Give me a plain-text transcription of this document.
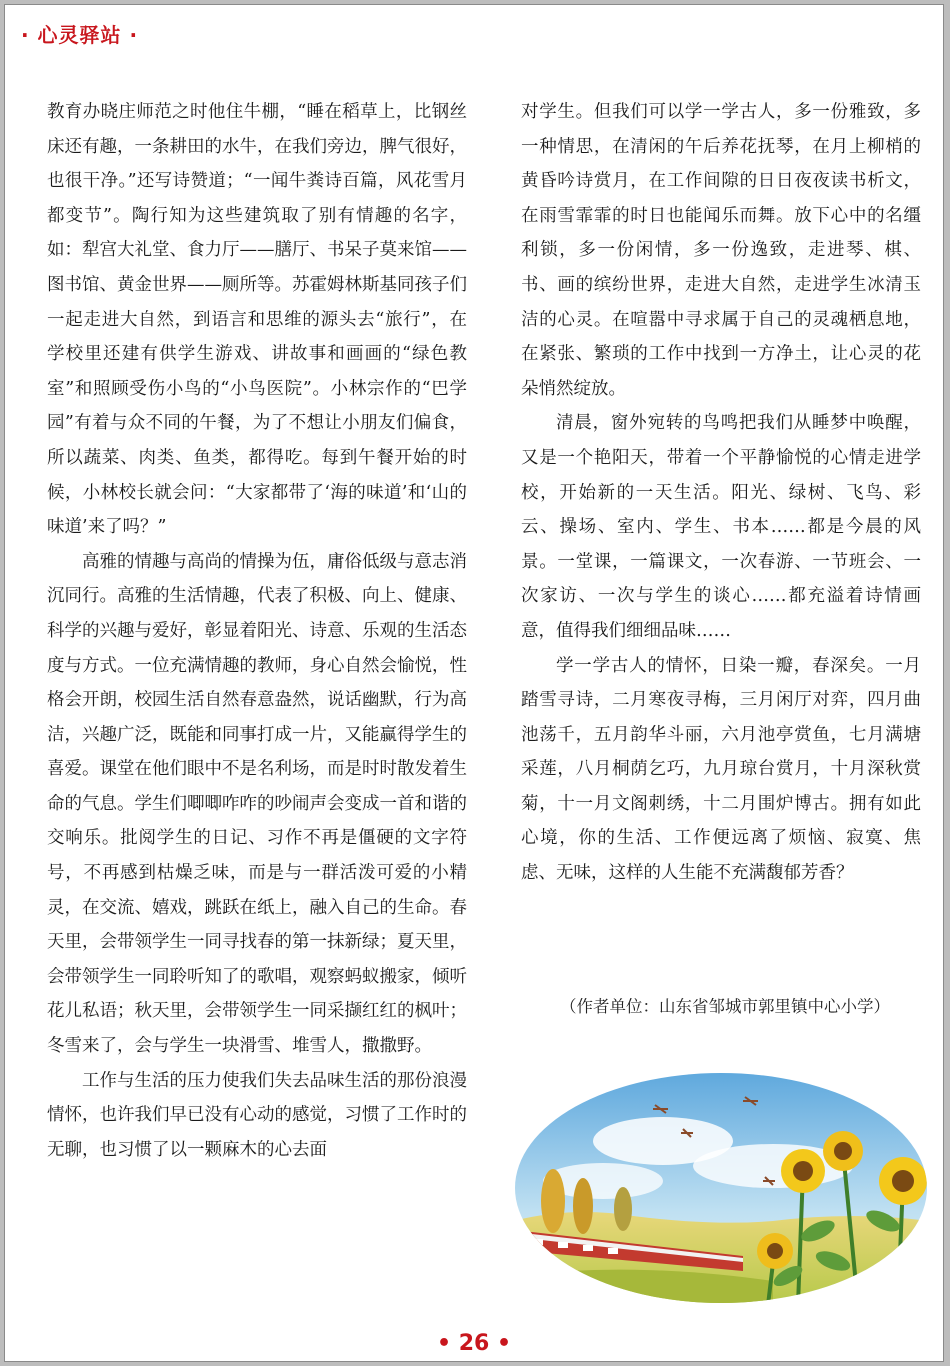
· 心灵驿站 ·

教育办晓庄师范之时他住牛棚，“睡在稻草上，比钢丝床还有趣，一条耕田的水牛，在我们旁边，脾气很好，也很干净。”还写诗赞道；“一闻牛粪诗百篇，风花雪月都变节”。陶行知为这些建筑取了别有情趣的名字，如：犁宫大礼堂、食力厅——膳厅、书呆子莫来馆——图书馆、黄金世界——厕所等。苏霍姆林斯基同孩子们一起走进大自然，到语言和思维的源头去“旅行”，在学校里还建有供学生游戏、讲故事和画画的“绿色教室”和照顾受伤小鸟的“小鸟医院”。小林宗作的“巴学园”有着与众不同的午餐，为了不想让小朋友们偏食，所以蔬菜、肉类、鱼类，都得吃。每到午餐开始的时候，小林校长就会问：“大家都带了‘海的味道’和‘山的味道’来了吗？”

高雅的情趣与高尚的情操为伍，庸俗低级与意志消沉同行。高雅的生活情趣，代表了积极、向上、健康、科学的兴趣与爱好，彰显着阳光、诗意、乐观的生活态度与方式。一位充满情趣的教师，身心自然会愉悦，性格会开朗，校园生活自然春意盎然，说话幽默，行为高洁，兴趣广泛，既能和同事打成一片，又能赢得学生的喜爱。课堂在他们眼中不是名利场，而是时时散发着生命的气息。学生们唧唧咋咋的吵闹声会变成一首和谐的交响乐。批阅学生的日记、习作不再是僵硬的文字符号，不再感到枯燥乏味，而是与一群活泼可爱的小精灵，在交流、嬉戏，跳跃在纸上，融入自己的生命。春天里，会带领学生一同寻找春的第一抹新绿；夏天里，会带领学生一同聆听知了的歌唱，观察蚂蚁搬家，倾听花儿私语；秋天里，会带领学生一同采撷红红的枫叶；冬雪来了，会与学生一块滑雪、堆雪人，撒撒野。

工作与生活的压力使我们失去品味生活的那份浪漫情怀，也许我们早已没有心动的感觉，习惯了工作时的无聊，也习惯了以一颗麻木的心去面

对学生。但我们可以学一学古人，多一份雅致，多一种情思，在清闲的午后养花抚琴，在月上柳梢的黄昏吟诗赏月，在工作间隙的日日夜夜读书析文，在雨雪霏霏的时日也能闻乐而舞。放下心中的名缰利锁，多一份闲情，多一份逸致，走进琴、棋、书、画的缤纷世界，走进大自然，走进学生冰清玉洁的心灵。在喧嚣中寻求属于自己的灵魂栖息地，在紧张、繁琐的工作中找到一方净土，让心灵的花朵悄然绽放。

清晨，窗外宛转的鸟鸣把我们从睡梦中唤醒，又是一个艳阳天，带着一个平静愉悦的心情走进学校，开始新的一天生活。阳光、绿树、飞鸟、彩云、操场、室内、学生、书本……都是今晨的风景。一堂课，一篇课文，一次春游、一节班会、一次家访、一次与学生的谈心……都充溢着诗情画意，值得我们细细品味……

学一学古人的情怀，日染一瓣，春深矣。一月踏雪寻诗，二月寒夜寻梅，三月闲厅对弈，四月曲池荡千，五月韵华斗丽，六月池亭赏鱼，七月满塘采莲，八月桐荫乞巧，九月琼台赏月，十月深秋赏菊，十一月文阁刺绣，十二月围炉博古。拥有如此心境，你的生活、工作便远离了烦恼、寂寞、焦虑、无味，这样的人生能不充满馥郁芳香？

（作者单位：山东省邹城市郭里镇中心小学）
• 26 •
